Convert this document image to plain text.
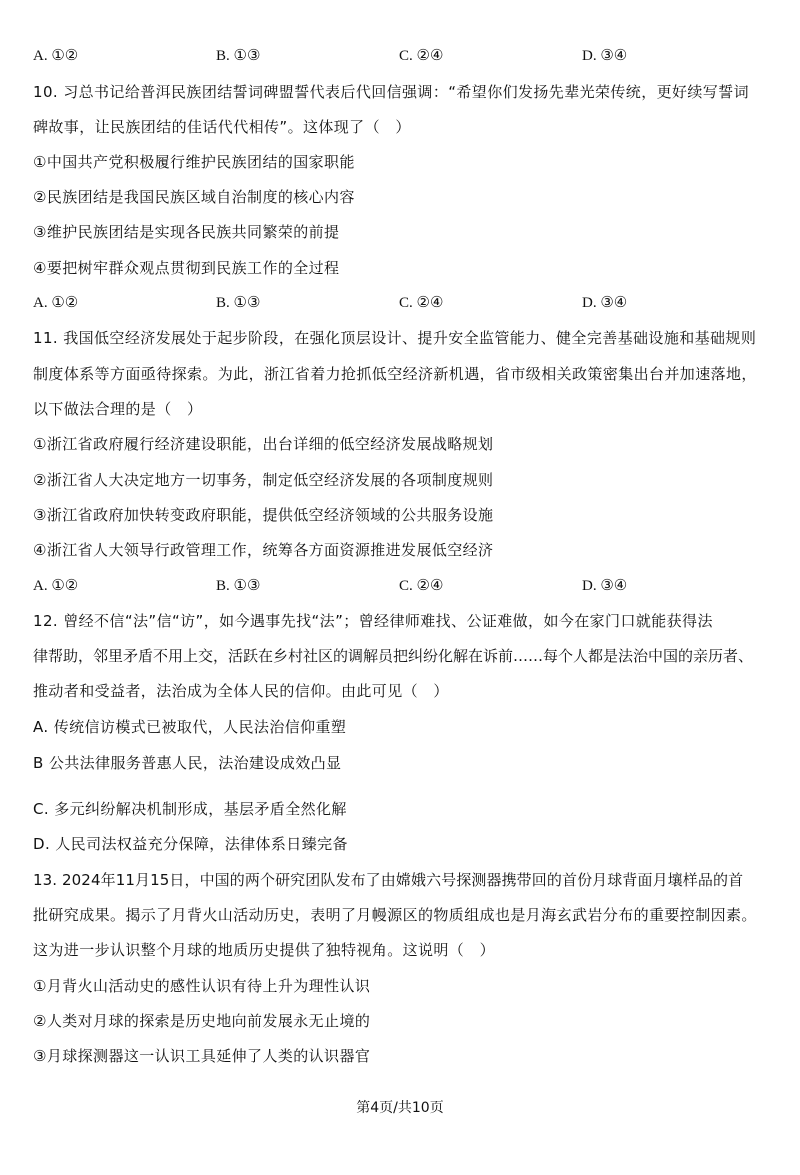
A. ①②	B. ①③	C. ②④	D. ③④
10. 习总书记给普洱民族团结誓词碑盟誓代表后代回信强调：“希望你们发扬先辈光荣传统，更好续写誓词
碑故事，让民族团结的佳话代代相传”。这体现了（　）
①中国共产党积极履行维护民族团结的国家职能
②民族团结是我国民族区域自治制度的核心内容
③维护民族团结是实现各民族共同繁荣的前提
④要把树牢群众观点贯彻到民族工作的全过程
A. ①②	B. ①③	C. ②④	D. ③④
11. 我国低空经济发展处于起步阶段，在强化顶层设计、提升安全监管能力、健全完善基础设施和基础规则
制度体系等方面亟待探索。为此，浙江省着力抢抓低空经济新机遇，省市级相关政策密集出台并加速落地，
以下做法合理的是（　）
①浙江省政府履行经济建设职能，出台详细的低空经济发展战略规划
②浙江省人大决定地方一切事务，制定低空经济发展的各项制度规则
③浙江省政府加快转变政府职能，提供低空经济领域的公共服务设施
④浙江省人大领导行政管理工作，统筹各方面资源推进发展低空经济
A. ①②	B. ①③	C. ②④	D. ③④
12. 曾经不信“法”信“访”，如今遇事先找“法”；曾经律师难找、公证难做，如今在家门口就能获得法
律帮助，邻里矛盾不用上交，活跃在乡村社区的调解员把纠纷化解在诉前……每个人都是法治中国的亲历者、
推动者和受益者，法治成为全体人民的信仰。由此可见（　）
A. 传统信访模式已被取代，人民法治信仰重塑
B 公共法律服务普惠人民，法治建设成效凸显
C. 多元纠纷解决机制形成，基层矛盾全然化解
D. 人民司法权益充分保障，法律体系日臻完备
13. 2024年11月15日，中国的两个研究团队发布了由嫦娥六号探测器携带回的首份月球背面月壤样品的首
批研究成果。揭示了月背火山活动历史，表明了月幔源区的物质组成也是月海玄武岩分布的重要控制因素。
这为进一步认识整个月球的地质历史提供了独特视角。这说明（　）
①月背火山活动史的感性认识有待上升为理性认识
②人类对月球的探索是历史地向前发展永无止境的
③月球探测器这一认识工具延伸了人类的认识器官
第4页/共10页
